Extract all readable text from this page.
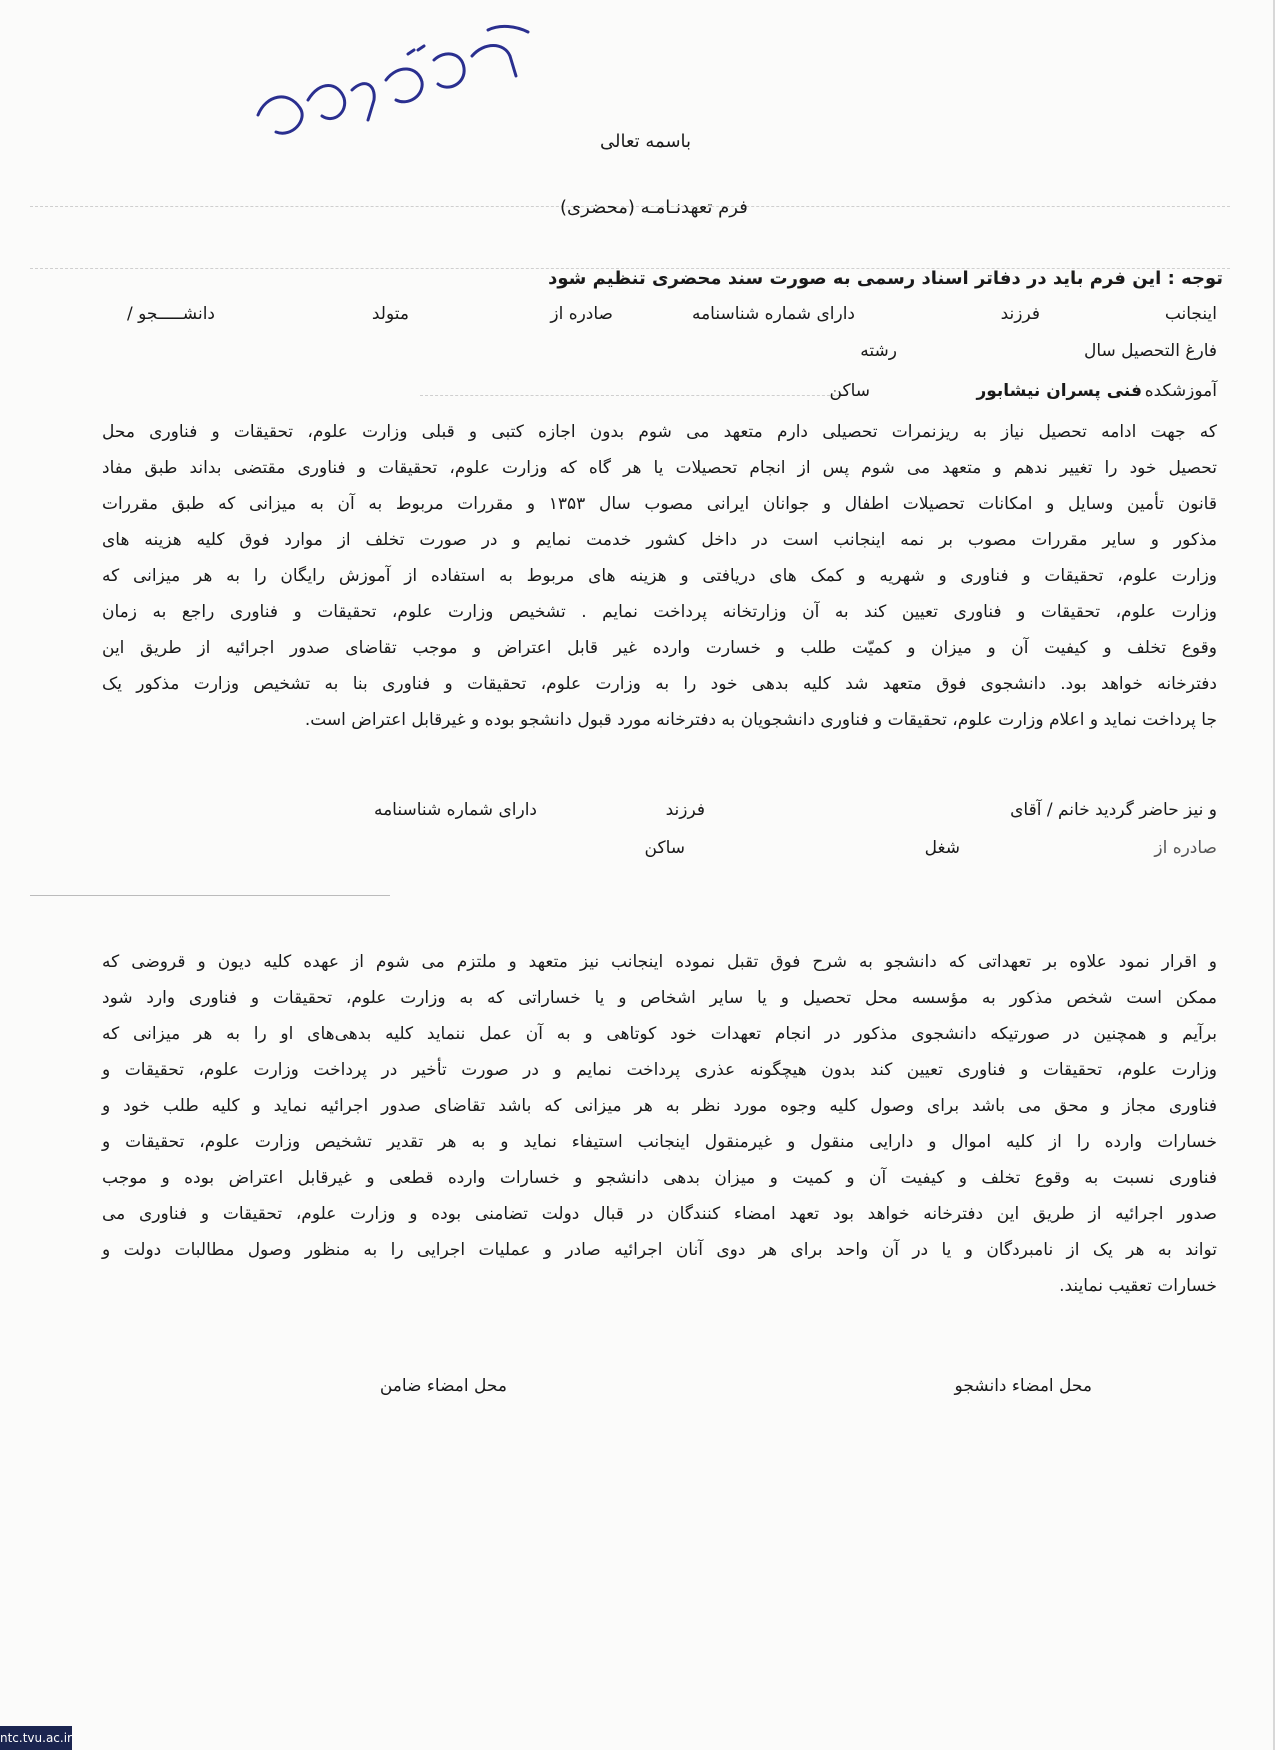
باسمه تعالی
فرم تعهدنـامـه (محضری)
توجه : این فرم باید در دفاتر اسناد رسمی به صورت سند محضری تنظیم شود
اینجانب
فرزند
دارای شماره شناسنامه
صادره از
متولد
دانشـــــجو /
فارغ التحصیل سال
رشته
آموزشکده
فنی پسران نیشابور
ساکن
که جهت ادامه تحصیل نیاز به ریزنمرات تحصیلی دارم متعهد می شوم بدون اجازه کتبی و قبلی وزارت علوم، تحقیقات و فناوری محل
تحصیل خود را تغییر ندهم و متعهد می شوم پس از انجام تحصیلات یا هر گاه که وزارت علوم، تحقیقات و فناوری مقتضی بداند طبق مفاد
قانون تأمین وسایل و امکانات تحصیلات اطفال و جوانان ایرانی مصوب سال ۱۳۵۳ و مقررات مربوط به آن به میزانی که طبق مقررات
مذکور و سایر مقررات مصوب بر نمه اینجانب است در داخل کشور خدمت نمایم و در صورت تخلف از موارد فوق کلیه هزینه های
وزارت علوم، تحقیقات و فناوری و شهریه و کمک های دریافتی و هزینه های مربوط به استفاده از آموزش رایگان را به هر میزانی که
وزارت علوم، تحقیقات و فناوری تعیین کند به آن وزارتخانه پرداخت نمایم . تشخیص وزارت علوم، تحقیقات و فناوری راجع به زمان
وقوع تخلف و کیفیت آن و میزان و کمیّت طلب و خسارت وارده غیر قابل اعتراض و موجب تقاضای صدور اجرائیه از طریق این
دفترخانه خواهد بود. دانشجوی فوق متعهد شد کلیه بدهی خود را به وزارت علوم، تحقیقات و فناوری بنا به تشخیص وزارت مذکور یک
جا پرداخت نماید و اعلام وزارت علوم، تحقیقات و فناوری دانشجویان به دفترخانه مورد قبول دانشجو بوده و غیرقابل اعتراض است.
و نیز حاضر گردید خانم / آقای
فرزند
دارای شماره شناسنامه
صادره از
شغل
ساکن
و اقرار نمود علاوه بر تعهداتی که دانشجو به شرح فوق تقبل نموده اینجانب نیز متعهد و ملتزم می شوم از عهده کلیه دیون و قروضی که
ممکن است شخص مذکور به مؤسسه محل تحصیل و یا سایر اشخاص و یا خساراتی که به وزارت علوم، تحقیقات و فناوری وارد شود
برآیم و همچنین در صورتیکه دانشجوی مذکور در انجام تعهدات خود کوتاهی و به آن عمل ننماید کلیه بدهی‌های او را به هر میزانی که
وزارت علوم، تحقیقات و فناوری تعیین کند بدون هیچگونه عذری پرداخت نمایم و در صورت تأخیر در پرداخت وزارت علوم، تحقیقات و
فناوری مجاز و محق می باشد برای وصول کلیه وجوه مورد نظر به هر میزانی که باشد تقاضای صدور اجرائیه نماید و کلیه طلب خود و
خسارات وارده را از کلیه اموال و دارایی منقول و غیرمنقول اینجانب استیفاء نماید و به هر تقدیر تشخیص وزارت علوم، تحقیقات و
فناوری نسبت به وقوع تخلف و کیفیت آن و کمیت و میزان بدهی دانشجو و خسارات وارده قطعی و غیرقابل اعتراض بوده و موجب
صدور اجرائیه از طریق این دفترخانه خواهد بود تعهد امضاء کنندگان در قبال دولت تضامنی بوده و وزارت علوم، تحقیقات و فناوری می
تواند به هر یک از نامبردگان و یا در آن واحد برای هر دوی آنان اجرائیه صادر و عملیات اجرایی را به منظور وصول مطالبات دولت و
خسارات تعقیب نمایند.
محل امضاء دانشجو
محل امضاء ضامن
ntc.tvu.ac.ir
